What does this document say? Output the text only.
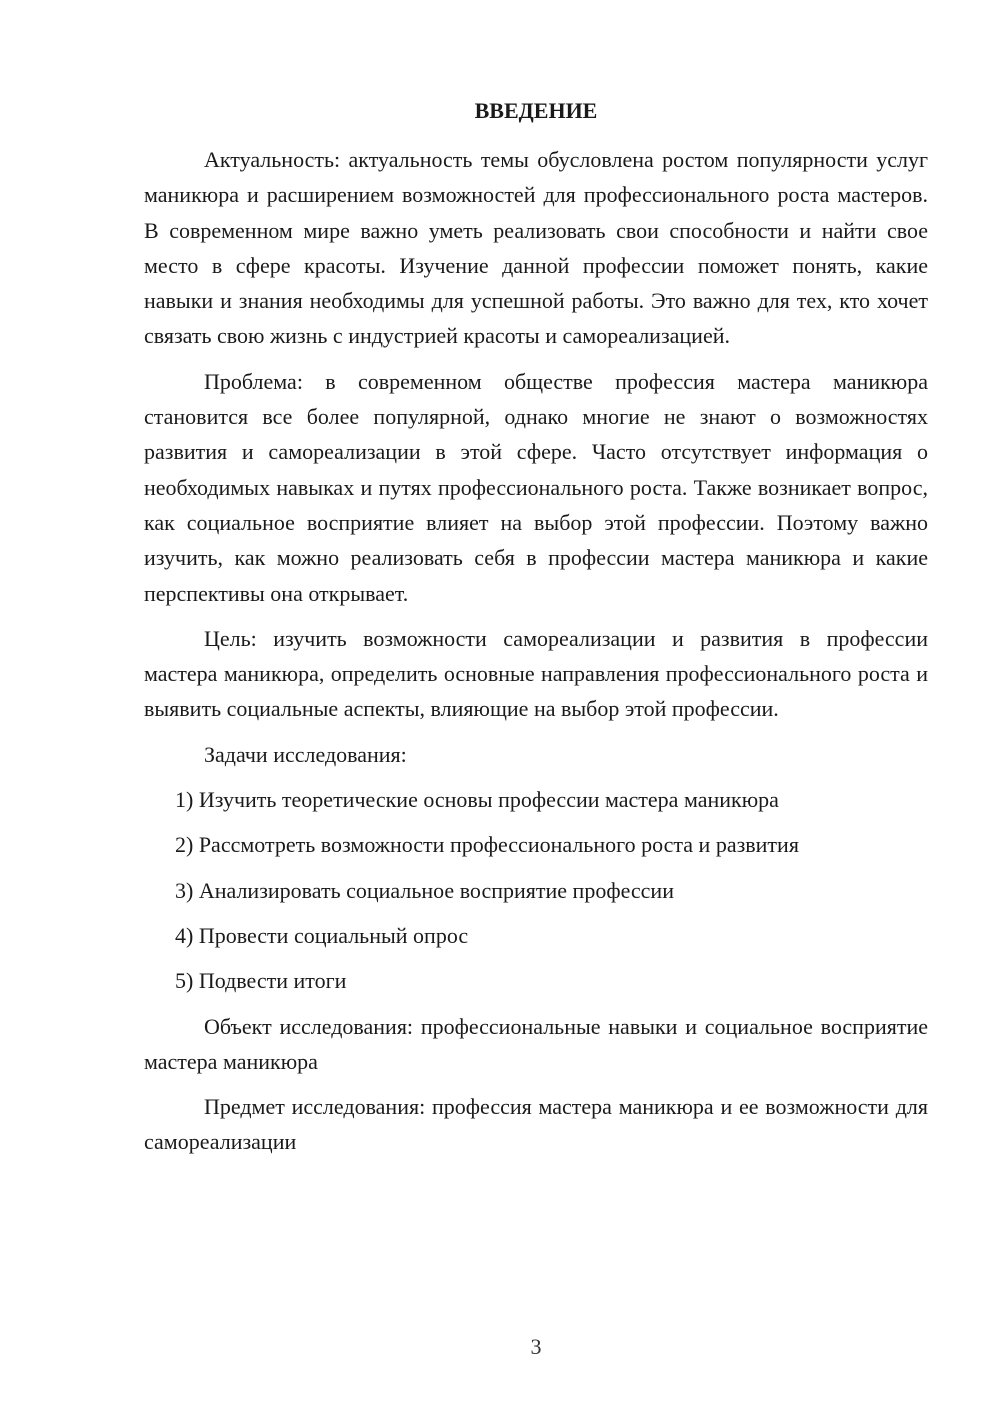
ВВЕДЕНИЕ

Актуальность: актуальность темы обусловлена ростом популярности услуг маникюра и расширением возможностей для профессионального роста мастеров. В современном мире важно уметь реализовать свои способности и найти свое место в сфере красоты. Изучение данной профессии поможет понять, какие навыки и знания необходимы для успешной работы. Это важно для тех, кто хочет связать свою жизнь с индустрией красоты и самореализацией.

Проблема: в современном обществе профессия мастера маникюра становится все более популярной, однако многие не знают о возможностях развития и самореализации в этой сфере. Часто отсутствует информация о необходимых навыках и путях профессионального роста. Также возникает вопрос, как социальное восприятие влияет на выбор этой профессии. Поэтому важно изучить, как можно реализовать себя в профессии мастера маникюра и какие перспективы она открывает.

Цель: изучить возможности самореализации и развития в профессии мастера маникюра, определить основные направления профессионального роста и выявить социальные аспекты, влияющие на выбор этой профессии.

Задачи исследования:

1) Изучить теоретические основы профессии мастера маникюра

2) Рассмотреть возможности профессионального роста и развития

3) Анализировать социальное восприятие профессии

4) Провести социальный опрос

5) Подвести итоги

Объект исследования: профессиональные навыки и социальное восприятие мастера маникюра

Предмет исследования: профессия мастера маникюра и ее возможности для самореализации

3
